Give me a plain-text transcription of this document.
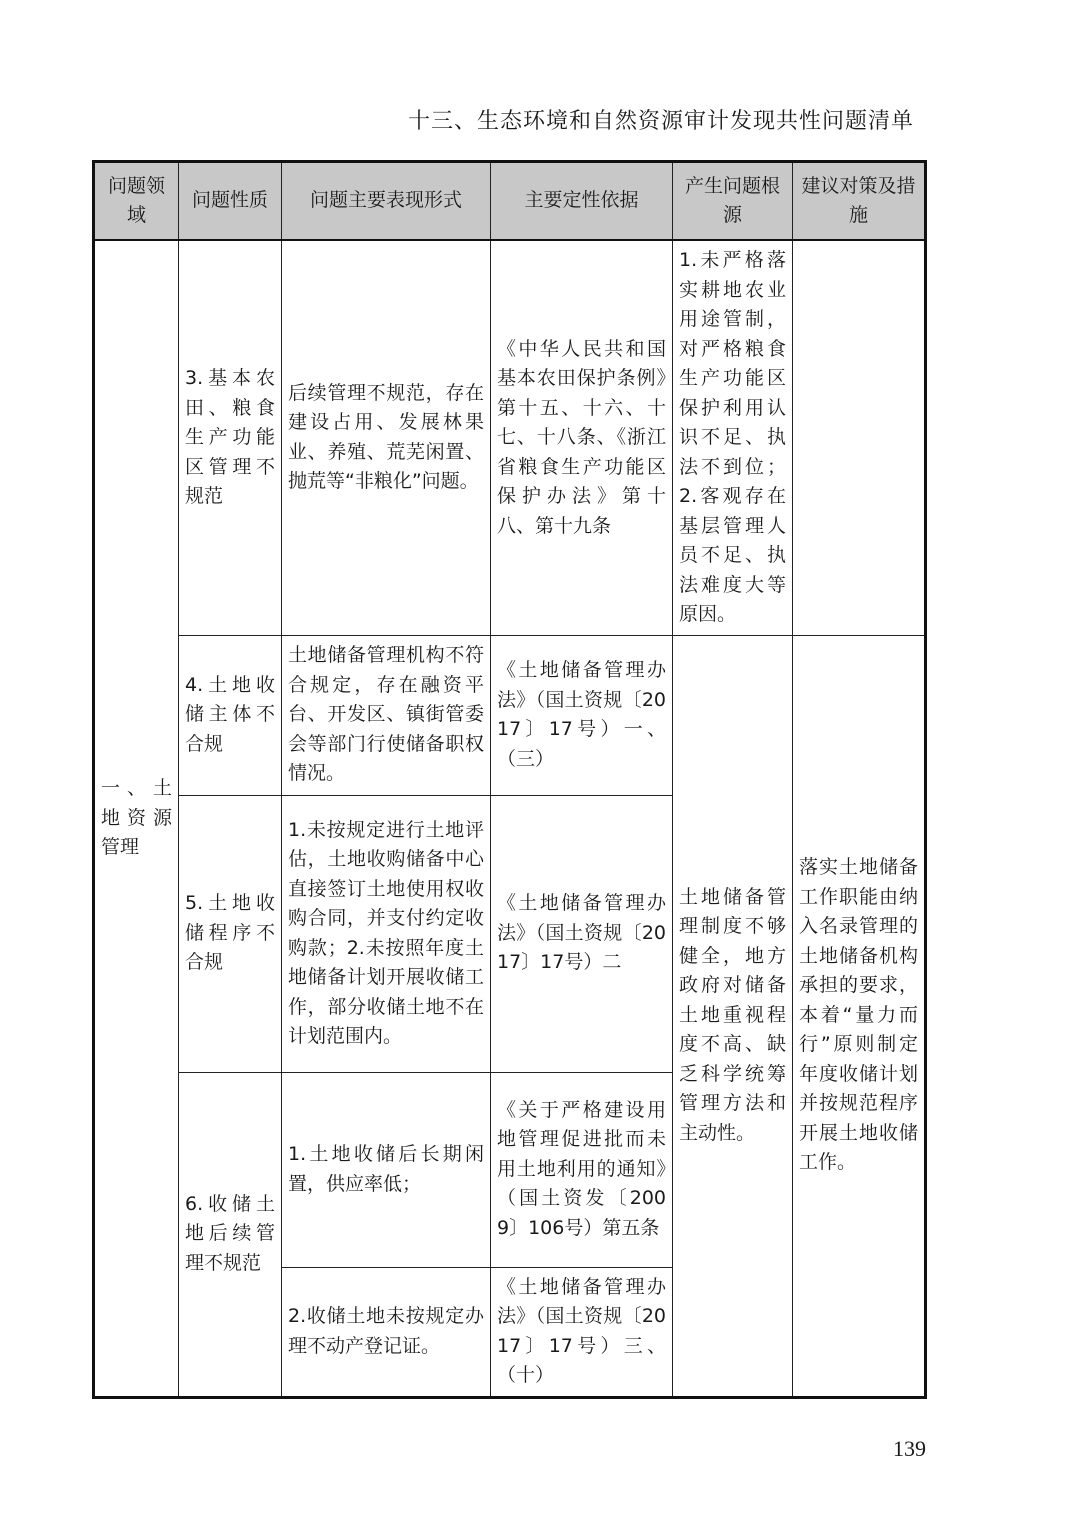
十三、生态环境和自然资源审计发现共性问题清单
问题领域	问题性质	问题主要表现形式	主要定性依据	产生问题根源	建议对策及措施
一、土地资源管理	3.基本农田、粮食生产功能区管理不规范	后续管理不规范，存在建设占用、发展林果业、养殖、荒芜闲置、抛荒等“非粮化”问题。	《中华人民共和国基本农田保护条例》第十五、十六、十七、十八条、《浙江省粮食生产功能区保护办法》第十八、第十九条	1.未严格落实耕地农业用途管制，对严格粮食生产功能区保护利用认识不足、执法不到位；2.客观存在基层管理人员不足、执法难度大等原因。	
	4.土地收储主体不合规	土地储备管理机构不符合规定，存在融资平台、开发区、镇街管委会等部门行使储备职权情况。	《土地储备管理办法》（国土资规〔2017〕17号）一、（三）	土地储备管理制度不够健全，地方政府对储备土地重视程度不高、缺乏科学统筹管理方法和主动性。	落实土地储备工作职能由纳入名录管理的土地储备机构承担的要求，本着“量力而行”原则制定年度收储计划并按规范程序开展土地收储工作。
	5.土地收储程序不合规	1.未按规定进行土地评估，土地收购储备中心直接签订土地使用权收购合同，并支付约定收购款；2.未按照年度土地储备计划开展收储工作，部分收储土地不在计划范围内。	《土地储备管理办法》（国土资规〔2017〕17号）二		
	6.收储土地后续管理不规范	1.土地收储后长期闲置，供应率低；	《关于严格建设用地管理促进批而未用土地利用的通知》（国土资发〔2009〕106号）第五条		
		2.收储土地未按规定办理不动产登记证。	《土地储备管理办法》（国土资规〔2017〕17号）三、（十）		
139
